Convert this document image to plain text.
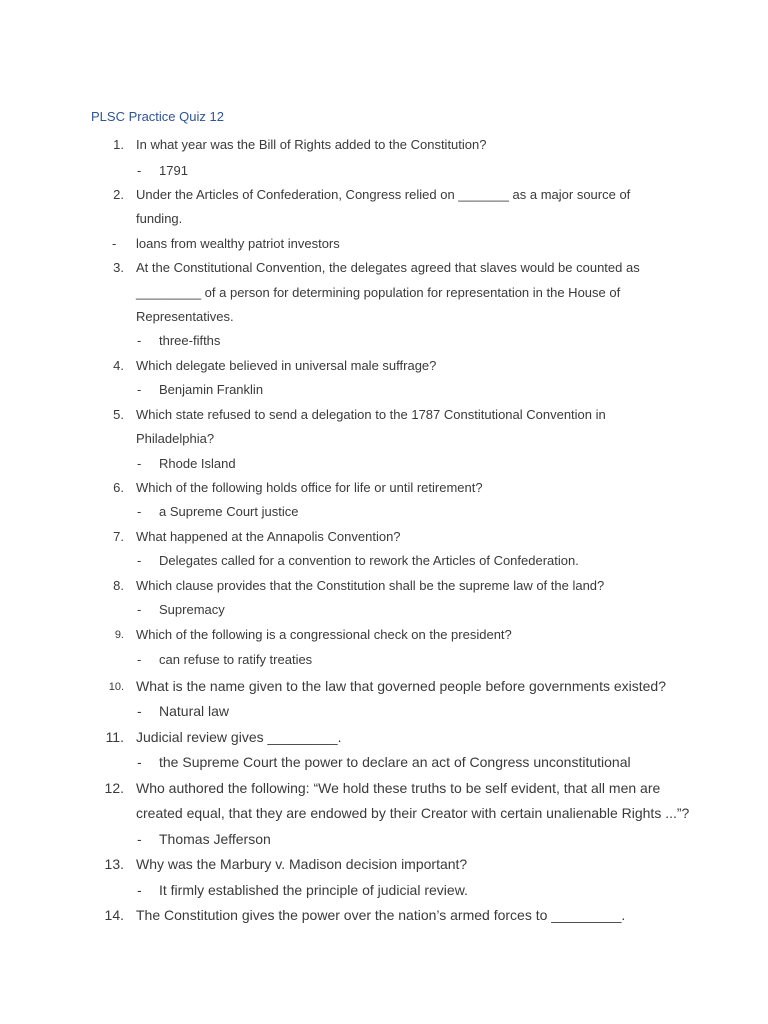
PLSC Practice Quiz 12
1. In what year was the Bill of Rights added to the Constitution?
- 1791
2. Under the Articles of Confederation, Congress relied on _______ as a major source of
funding.
- loans from wealthy patriot investors
3. At the Constitutional Convention, the delegates agreed that slaves would be counted as
_________ of a person for determining population for representation in the House of
Representatives.
- three-fifths
4. Which delegate believed in universal male suffrage?
- Benjamin Franklin
5. Which state refused to send a delegation to the 1787 Constitutional Convention in
Philadelphia?
- Rhode Island
6. Which of the following holds office for life or until retirement?
- a Supreme Court justice
7. What happened at the Annapolis Convention?
- Delegates called for a convention to rework the Articles of Confederation.
8. Which clause provides that the Constitution shall be the supreme law of the land?
- Supremacy
9. Which of the following is a congressional check on the president?
- can refuse to ratify treaties
10. What is the name given to the law that governed people before governments existed?
- Natural law
11. Judicial review gives _________.
- the Supreme Court the power to declare an act of Congress unconstitutional
12. Who authored the following: “We hold these truths to be self evident, that all men are
created equal, that they are endowed by their Creator with certain unalienable Rights ...”?
- Thomas Jefferson
13. Why was the Marbury v. Madison decision important?
- It firmly established the principle of judicial review.
14. The Constitution gives the power over the nation’s armed forces to _________.
